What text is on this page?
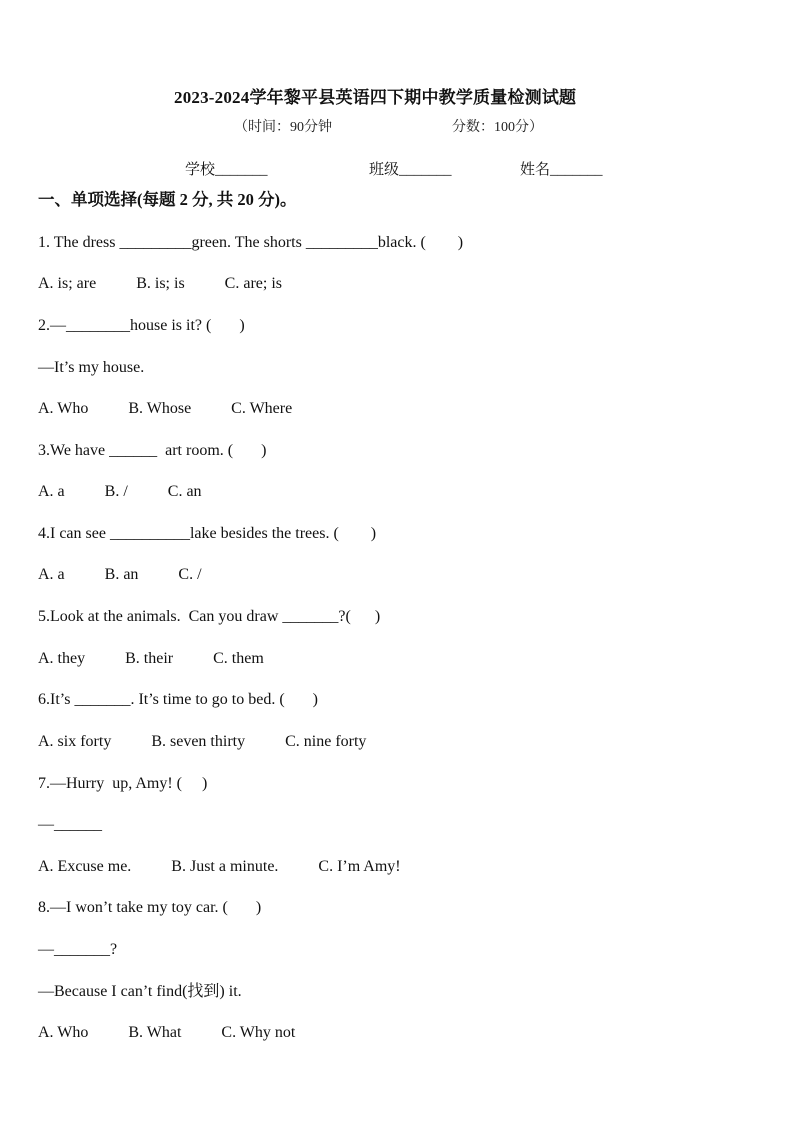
2023-2024学年黎平县英语四下期中教学质量检测试题
（时间：90分钟	分数：100分）
学校_______	班级_______	姓名_______
一、单项选择(每题 2 分, 共 20 分)。
1. The dress _________green. The shorts _________black. (        )
A. is; are          B. is; is          C. are; is
2.—________house is it? (       )
—It’s my house.
A. Who          B. Whose          C. Where
3.We have ______  art room. (       )
A. a          B. /          C. an
4.I can see __________lake besides the trees. (        )
A. a          B. an          C. /
5.Look at the animals.  Can you draw _______?(      )
A. they          B. their          C. them
6.It’s _______. It’s time to go to bed. (       )
A. six forty          B. seven thirty          C. nine forty
7.—Hurry  up, Amy! (     )
—______
A. Excuse me.          B. Just a minute.          C. I’m Amy!
8.—I won’t take my toy car. (       )
—_______?
—Because I can’t find(找到) it.
A. Who          B. What          C. Why not
